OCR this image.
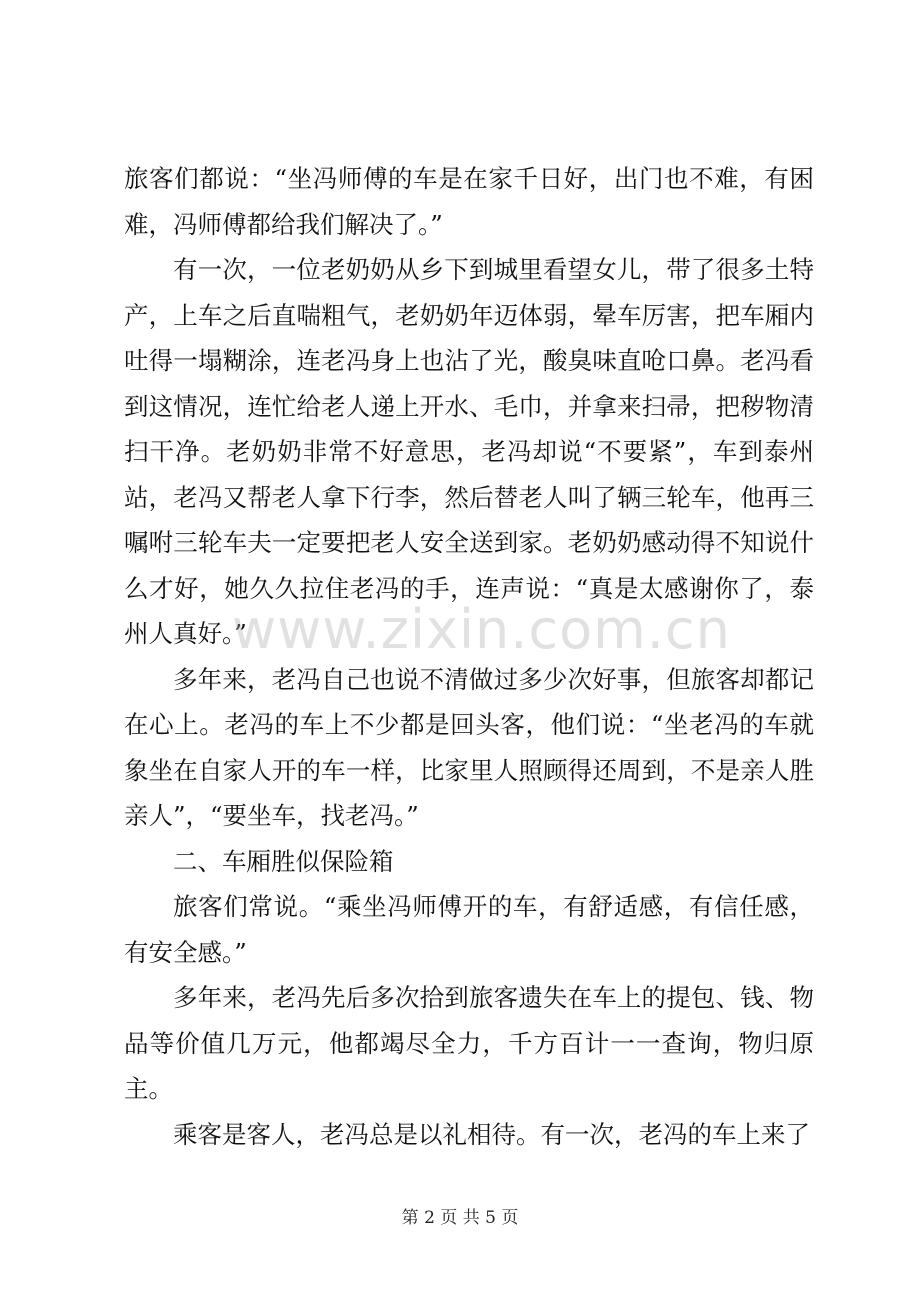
旅客们都说：“坐冯师傅的车是在家千日好，出门也不难，有困难，冯师傅都给我们解决了。”

有一次，一位老奶奶从乡下到城里看望女儿，带了很多土特产，上车之后直喘粗气，老奶奶年迈体弱，晕车厉害，把车厢内吐得一塌糊涂，连老冯身上也沾了光，酸臭味直呛口鼻。老冯看到这情况，连忙给老人递上开水、毛巾，并拿来扫帚，把秽物清扫干净。老奶奶非常不好意思，老冯却说“不要紧”，车到泰州站，老冯又帮老人拿下行李，然后替老人叫了辆三轮车，他再三嘱咐三轮车夫一定要把老人安全送到家。老奶奶感动得不知说什么才好，她久久拉住老冯的手，连声说：“真是太感谢你了，泰州人真好。”

多年来，老冯自己也说不清做过多少次好事，但旅客却都记在心上。老冯的车上不少都是回头客，他们说：“坐老冯的车就象坐在自家人开的车一样，比家里人照顾得还周到，不是亲人胜亲人”，“要坐车，找老冯。”

二、车厢胜似保险箱

旅客们常说。“乘坐冯师傅开的车，有舒适感，有信任感，有安全感。”

多年来，老冯先后多次拾到旅客遗失在车上的提包、钱、物品等价值几万元，他都竭尽全力，千方百计一一查询，物归原主。

乘客是客人，老冯总是以礼相待。有一次，老冯的车上来了

www.zixin.com.cn
第 2 页 共 5 页
